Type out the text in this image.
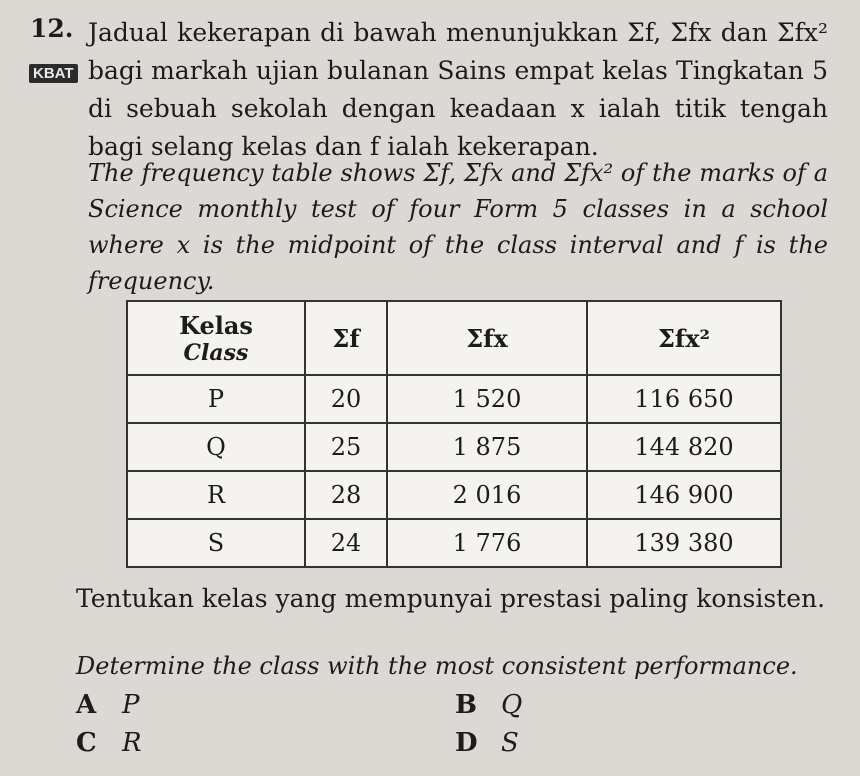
12.
KBAT
Jadual kekerapan di bawah menunjukkan Σf, Σfx dan Σfx² bagi markah ujian bulanan Sains empat kelas Tingkatan 5 di sebuah sekolah dengan keadaan x ialah titik tengah bagi selang kelas dan f ialah kekerapan.
The frequency table shows Σf, Σfx and Σfx² of the marks of a Science monthly test of four Form 5 classes in a school where x is the midpoint of the class interval and f is the frequency.
Kelas
Class	Σf	Σfx	Σfx²
P	20	1 520	116 650
Q	25	1 875	144 820
R	28	2 016	146 900
S	24	1 776	139 380
Tentukan kelas yang mempunyai prestasi paling konsisten.
Determine the class with the most consistent performance.
A P	B Q
C R	D S
